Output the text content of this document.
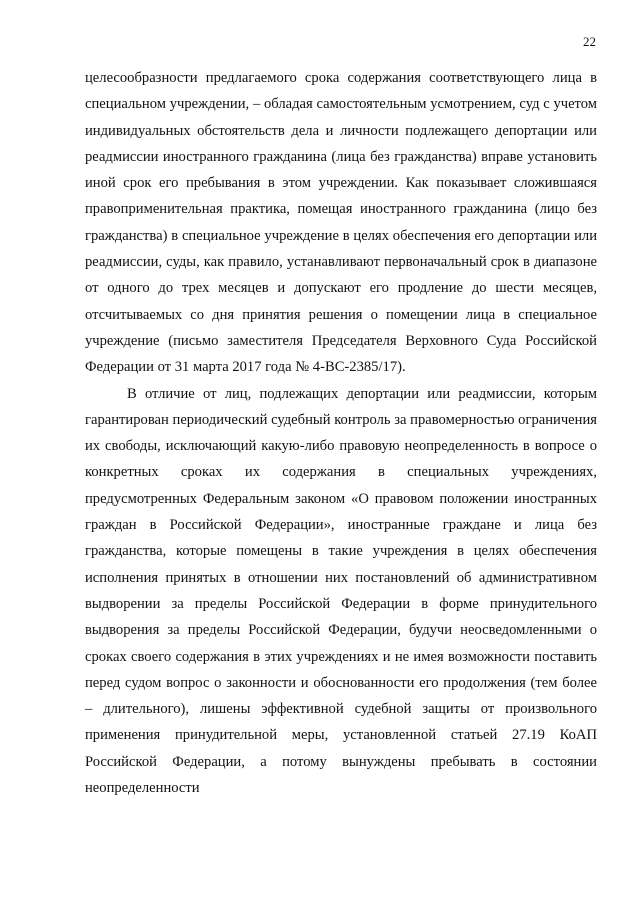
22

целесообразности предлагаемого срока содержания соответствующего лица в специальном учреждении, – обладая самостоятельным усмотрением, суд с учетом индивидуальных обстоятельств дела и личности подлежащего депортации или реадмиссии иностранного гражданина (лица без гражданства) вправе установить иной срок его пребывания в этом учреждении. Как показывает сложившаяся правоприменительная практика, помещая иностранного гражданина (лицо без гражданства) в специальное учреждение в целях обеспечения его депортации или реадмиссии, суды, как правило, устанавливают первоначальный срок в диапазоне от одного до трех месяцев и допускают его продление до шести месяцев, отсчитываемых со дня принятия решения о помещении лица в специальное учреждение (письмо заместителя Председателя Верховного Суда Российской Федерации от 31 марта 2017 года № 4-ВС-2385/17).

В отличие от лиц, подлежащих депортации или реадмиссии, которым гарантирован периодический судебный контроль за правомерностью ограничения их свободы, исключающий какую-либо правовую неопределенность в вопросе о конкретных сроках их содержания в специальных учреждениях, предусмотренных Федеральным законом «О правовом положении иностранных граждан в Российской Федерации», иностранные граждане и лица без гражданства, которые помещены в такие учреждения в целях обеспечения исполнения принятых в отношении них постановлений об административном выдворении за пределы Российской Федерации в форме принудительного выдворения за пределы Российской Федерации, будучи неосведомленными о сроках своего содержания в этих учреждениях и не имея возможности поставить перед судом вопрос о законности и обоснованности его продолжения (тем более – длительного), лишены эффективной судебной защиты от произвольного применения принудительной меры, установленной статьей 27.19 КоАП Российской Федерации, а потому вынуждены пребывать в состоянии неопределенности
